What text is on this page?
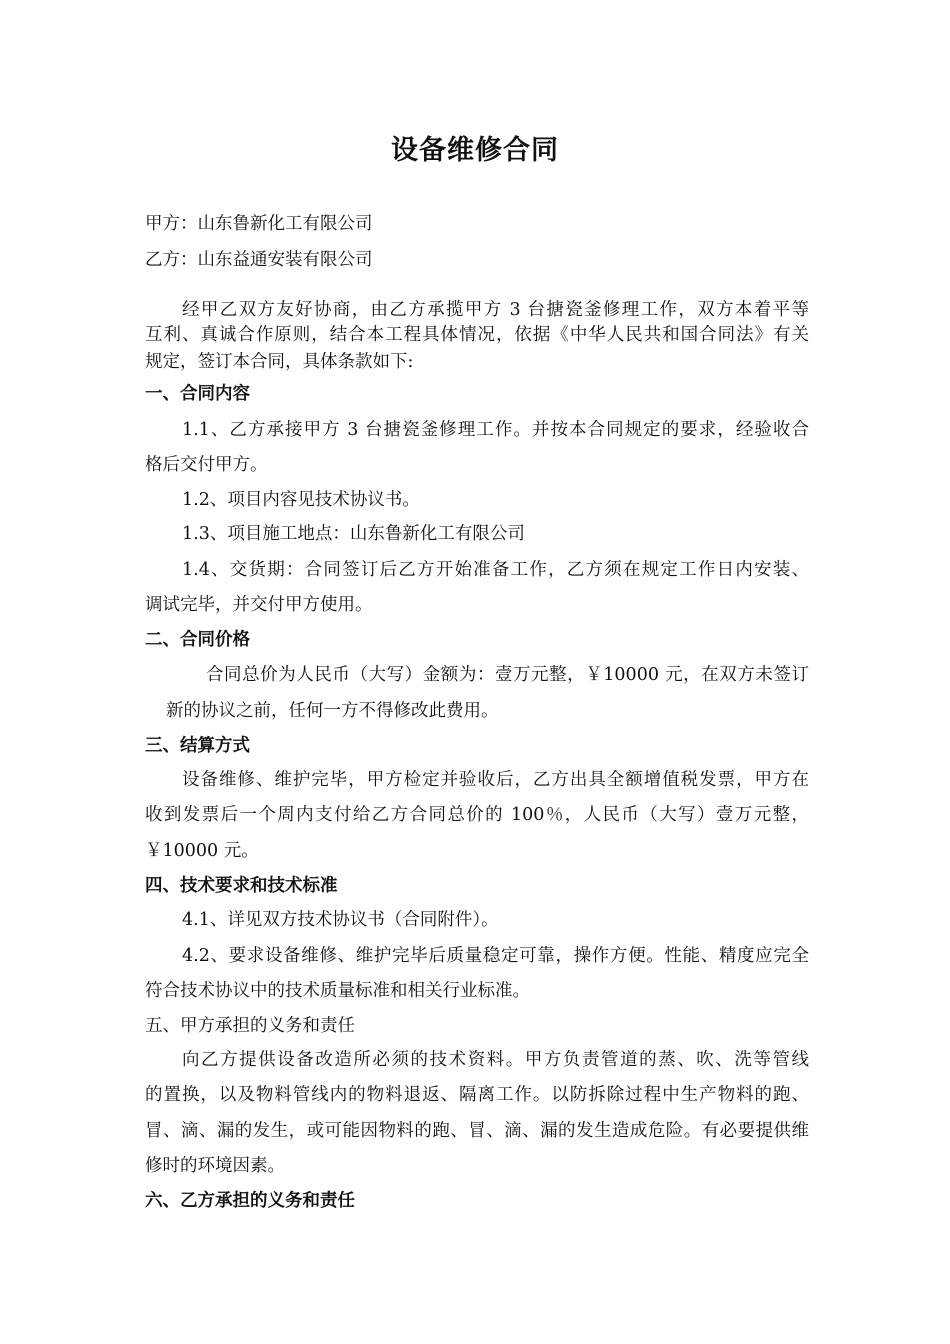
设备维修合同

甲方：山东鲁新化工有限公司

乙方：山东益通安装有限公司

经甲乙双方友好协商，由乙方承揽甲方 3 台搪瓷釜修理工作，双方本着平等

互利、真诚合作原则，结合本工程具体情况，依据《中华人民共和国合同法》有关

规定，签订本合同，具体条款如下:

一、合同内容

1.1、乙方承接甲方 3 台搪瓷釜修理工作。并按本合同规定的要求，经验收合

格后交付甲方。

1.2、项目内容见技术协议书。

1.3、项目施工地点：山东鲁新化工有限公司

1.4、交货期：合同签订后乙方开始准备工作，乙方须在规定工作日内安装、

调试完毕，并交付甲方使用。

二、合同价格

合同总价为人民币（大写）金额为：壹万元整，￥10000 元，在双方未签订

新的协议之前，任何一方不得修改此费用。

三、结算方式

设备维修、维护完毕，甲方检定并验收后，乙方出具全额增值税发票，甲方在

收到发票后一个周内支付给乙方合同总价的 100％，人民币（大写）壹万元整，

￥10000 元。

四、技术要求和技术标准

4.1、详见双方技术协议书（合同附件）。

4.2、要求设备维修、维护完毕后质量稳定可靠，操作方便。性能、精度应完全

符合技术协议中的技术质量标准和相关行业标准。

五、甲方承担的义务和责任

向乙方提供设备改造所必须的技术资料。甲方负责管道的蒸、吹、洗等管线

的置换，以及物料管线内的物料退返、隔离工作。以防拆除过程中生产物料的跑、

冒、滴、漏的发生，或可能因物料的跑、冒、滴、漏的发生造成危险。有必要提供维

修时的环境因素。

六、乙方承担的义务和责任
